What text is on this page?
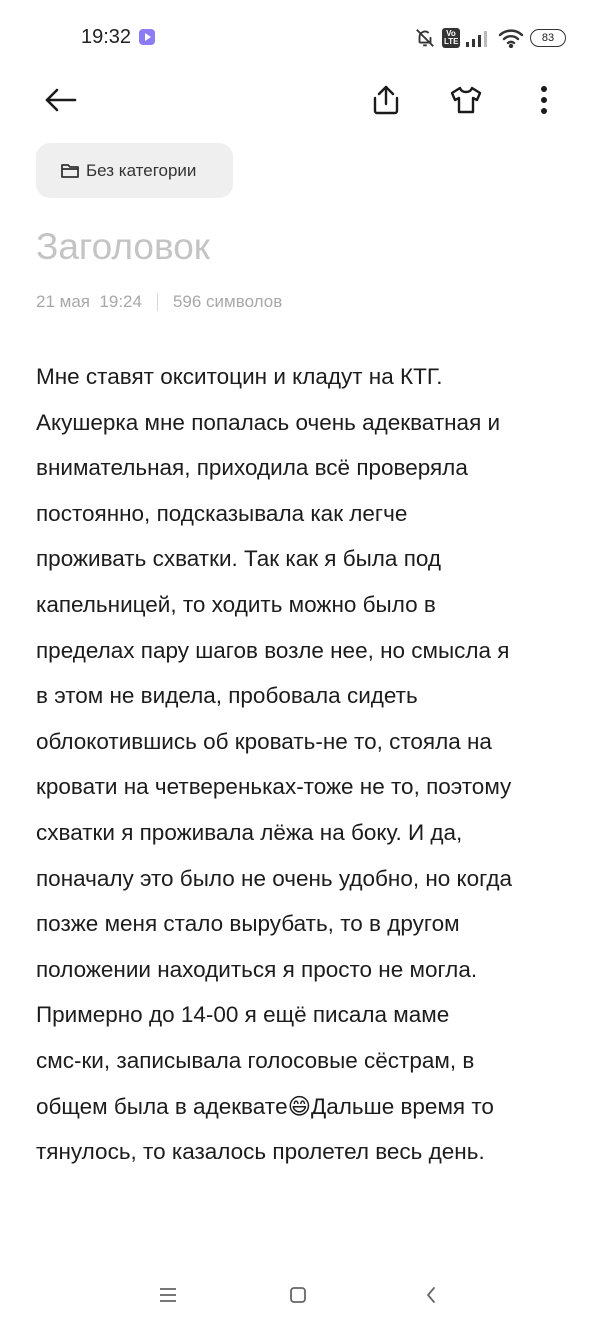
19:32	Vo
LTE	83
Без категории
Заголовок
21 мая  19:24 596 символов
Мне ставят окситоцин и кладут на КТГ.
Акушерка мне попалась очень адекватная и
внимательная, приходила всё проверяла
постоянно, подсказывала как легче
проживать схватки. Так как я была под
капельницей, то ходить можно было в
пределах пару шагов возле нее, но смысла я
в этом не видела, пробовала сидеть
облокотившись об кровать-не то, стояла на
кровати на четвереньках-тоже не то, поэтому
схватки я проживала лёжа на боку. И да,
поначалу это было не очень удобно, но когда
позже меня стало вырубать, то в другом
положении находиться я просто не могла.
Примерно до 14-00 я ещё писала маме
смс-ки, записывала голосовые сёстрам, в
общем была в адекватe😄Дальше время то
тянулось, то казалось пролетел весь день.
